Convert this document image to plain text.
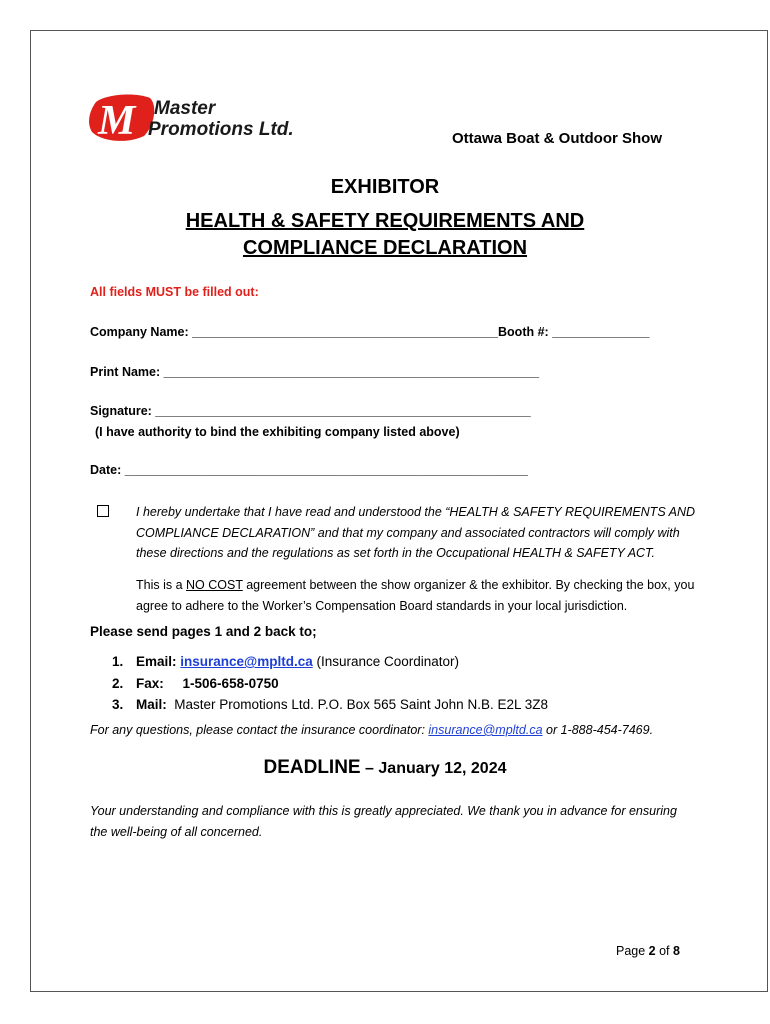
M Master
Promotions Ltd.	Ottawa Boat & Outdoor Show
EXHIBITOR
HEALTH & SAFETY REQUIREMENTS AND
COMPLIANCE DECLARATION
All fields MUST be filled out:
Company Name: ____________________________________________Booth #: ______________
Print Name: ______________________________________________________
Signature: ______________________________________________________
(I have authority to bind the exhibiting company listed above)
Date: __________________________________________________________
I hereby undertake that I have read and understood the “HEALTH & SAFETY REQUIREMENTS AND COMPLIANCE DECLARATION” and that my company and associated contractors will comply with these directions and the regulations as set forth in the Occupational HEALTH & SAFETY ACT.
This is a NO COST agreement between the show organizer & the exhibitor. By checking the box, you agree to adhere to the Worker’s Compensation Board standards in your local jurisdiction.
Please send pages 1 and 2 back to;
1. Email: insurance@mpltd.ca (Insurance Coordinator)
2. Fax: 1-506-658-0750
3. Mail: Master Promotions Ltd. P.O. Box 565 Saint John N.B. E2L 3Z8
For any questions, please contact the insurance coordinator: insurance@mpltd.ca or 1-888-454-7469.
DEADLINE – January 12, 2024
Your understanding and compliance with this is greatly appreciated. We thank you in advance for ensuring the well-being of all concerned.
Page 2 of 8
